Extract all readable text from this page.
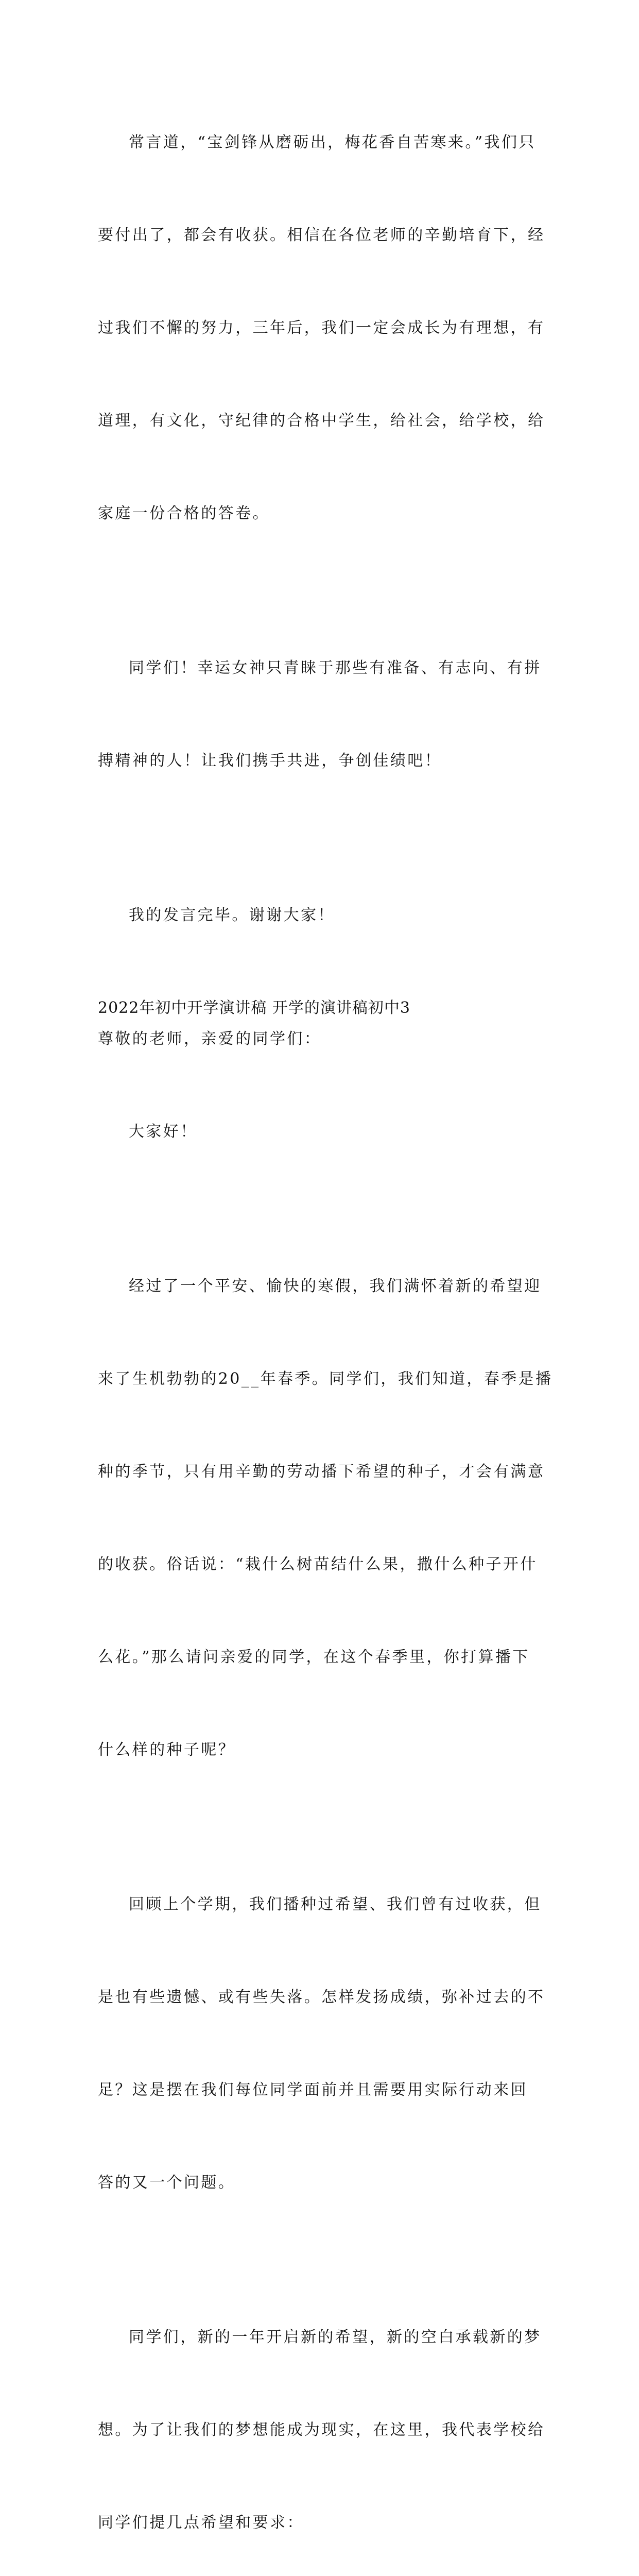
常言道，“宝剑锋从磨砺出，梅花香自苦寒来。”我们只

要付出了，都会有收获。相信在各位老师的辛勤培育下，经

过我们不懈的努力，三年后，我们一定会成长为有理想，有

道理，有文化，守纪律的合格中学生，给社会，给学校，给

家庭一份合格的答卷。

同学们！幸运女神只青睐于那些有准备、有志向、有拼

搏精神的人！让我们携手共进，争创佳绩吧！

我的发言完毕。谢谢大家！

2022年初中开学演讲稿 开学的演讲稿初中3
尊敬的老师，亲爱的同学们：

大家好！

经过了一个平安、愉快的寒假，我们满怀着新的希望迎

来了生机勃勃的20__年春季。同学们，我们知道，春季是播

种的季节，只有用辛勤的劳动播下希望的种子，才会有满意

的收获。俗话说：“栽什么树苗结什么果，撒什么种子开什

么花。”那么请问亲爱的同学，在这个春季里，你打算播下

什么样的种子呢？

回顾上个学期，我们播种过希望、我们曾有过收获，但

是也有些遗憾、或有些失落。怎样发扬成绩，弥补过去的不

足？这是摆在我们每位同学面前并且需要用实际行动来回

答的又一个问题。

同学们，新的一年开启新的希望，新的空白承载新的梦

想。为了让我们的梦想能成为现实，在这里，我代表学校给

同学们提几点希望和要求：
